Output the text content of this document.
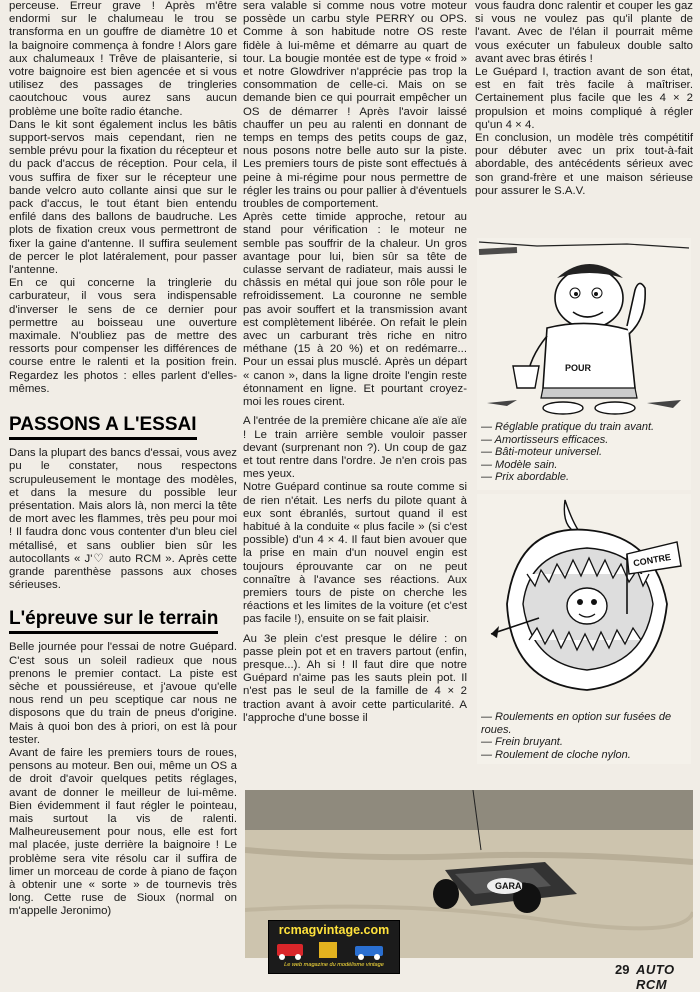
perceuse. Erreur grave ! Après m'être endormi sur le chalumeau le trou se transforma en un gouffre de diamètre 10 et la baignoire commença à fondre ! Alors gare aux chalumeaux ! Trêve de plaisanterie, si votre baignoire est bien agencée et si vous utilisez des passages de tringleries caoutchouc vous aurez sans aucun problème une boîte radio étanche.

Dans le kit sont également inclus les bâtis support-servos mais cependant, rien ne semble prévu pour la fixation du récepteur et du pack d'accus de réception. Pour cela, il vous suffira de fixer sur le récepteur une bande velcro auto collante ainsi que sur le pack d'accus, le tout étant bien entendu enfilé dans des ballons de baudruche. Les plots de fixation creux vous permettront de fixer la gaine d'antenne. Il suffira seulement de percer le plot latéralement, pour passer l'antenne.

En ce qui concerne la tringlerie du carburateur, il vous sera indispensable d'inverser le sens de ce dernier pour permettre au boisseau une ouverture maximale. N'oubliez pas de mettre des ressorts pour compenser les différences de course entre le ralenti et la position frein. Regardez les photos : elles parlent d'elles-mêmes.

PASSONS A L'ESSAI

Dans la plupart des bancs d'essai, vous avez pu le constater, nous respectons scrupuleusement le montage des modèles, et dans la mesure du possible leur présentation. Mais alors là, non merci la tête de mort avec les flammes, très peu pour moi ! Il faudra donc vous contenter d'un bleu ciel métallisé, et sans oublier bien sûr les autocollants « J'♡ auto RCM ». Après cette grande parenthèse passons aux choses sérieuses.

L'épreuve sur le terrain

Belle journée pour l'essai de notre Guépard. C'est sous un soleil radieux que nous prenons le premier contact. La piste est sèche et poussiéreuse, et j'avoue qu'elle nous rend un peu sceptique car nous ne disposons que du train de pneus d'origine. Mais à quoi bon des à priori, on est là pour tester.

Avant de faire les premiers tours de roues, pensons au moteur. Ben oui, même un OS a de droit d'avoir quelques petits réglages, avant de donner le meilleur de lui-même. Bien évidemment il faut régler le pointeau, mais surtout la vis de ralenti. Malheureusement pour nous, elle est fort mal placée, juste derrière la baignoire ! Le problème sera vite résolu car il suffira de limer un morceau de corde à piano de façon à obtenir une « sorte » de tournevis très long. Cette ruse de Sioux (normal on m'appelle Jeronimo)

sera valable si comme nous votre moteur possède un carbu style PERRY ou OPS. Comme à son habitude notre OS reste fidèle à lui-même et démarre au quart de tour. La bougie montée est de type « froid » et notre Glowdriver n'apprécie pas trop la consommation de celle-ci. Mais on se demande bien ce qui pourrait empêcher un OS de démarrer ! Après l'avoir laissé chauffer un peu au ralenti en donnant de temps en temps des petits coups de gaz, nous posons notre belle auto sur la piste. Les premiers tours de piste sont effectués à peine à mi-régime pour nous permettre de régler les trains ou pour pallier à d'éventuels troubles de comportement.

Après cette timide approche, retour au stand pour vérification : le moteur ne semble pas souffrir de la chaleur. Un gros avantage pour lui, bien sûr sa tête de culasse servant de radiateur, mais aussi le châssis en métal qui joue son rôle pour le refroidissement. La couronne ne semble pas avoir souffert et la transmission avant est complètement libérée. On refait le plein avec un carburant très riche en nitro méthane (15 à 20 %) et on redémarre... Pour un essai plus musclé. Après un départ « canon », dans la ligne droite l'engin reste étonnament en ligne. Et pourtant croyez-moi les roues cirent.

A l'entrée de la première chicane aïe aïe aïe ! Le train arrière semble vouloir passer devant (surprenant non ?). Un coup de gaz et tout rentre dans l'ordre. Je n'en crois pas mes yeux.

Notre Guépard continue sa route comme si de rien n'était. Les nerfs du pilote quant à eux sont ébranlés, surtout quand il est habitué à la conduite « plus facile » (si c'est possible) d'un 4 × 4. Il faut bien avouer que la prise en main d'un nouvel engin est toujours éprouvante car on ne peut connaître à l'avance ses réactions. Aux premiers tours de piste on cherche les réactions et les limites de la voiture (et c'est pas facile !), ensuite on se fait plaisir.

Au 3e plein c'est presque le délire : on passe plein pot et en travers partout (enfin, presque...). Ah si ! Il faut dire que notre Guépard n'aime pas les sauts plein pot. Il n'est pas le seul de la famille de 4 × 2 traction avant à avoir cette particularité. A l'approche d'une bosse il

vous faudra donc ralentir et couper les gaz si vous ne voulez pas qu'il plante de l'avant. Avec de l'élan il pourrait même vous exécuter un fabuleux double salto avant avec bras étirés !

Le Guépard I, traction avant de son état, est en fait très facile à maîtriser. Certainement plus facile que les 4 × 2 propulsion et moins compliqué à régler qu'un 4 × 4.

En conclusion, un modèle très compétitif pour débuter avec un prix tout-à-fait abordable, des antécédents sérieux avec son grand-frère et une maison sérieuse pour assurer le S.A.V.

POUR
— Réglable pratique du train avant.
— Amortisseurs efficaces.
— Bâti-moteur universel.
— Modèle sain.
— Prix abordable.
CONTRE
— Roulements en option sur fusées de roues.
— Frein bruyant.
— Roulement de cloche nylon.
GARAD
rcmagvintage.com
Le web magazine du modélisme vintage	29 AUTO RCM
